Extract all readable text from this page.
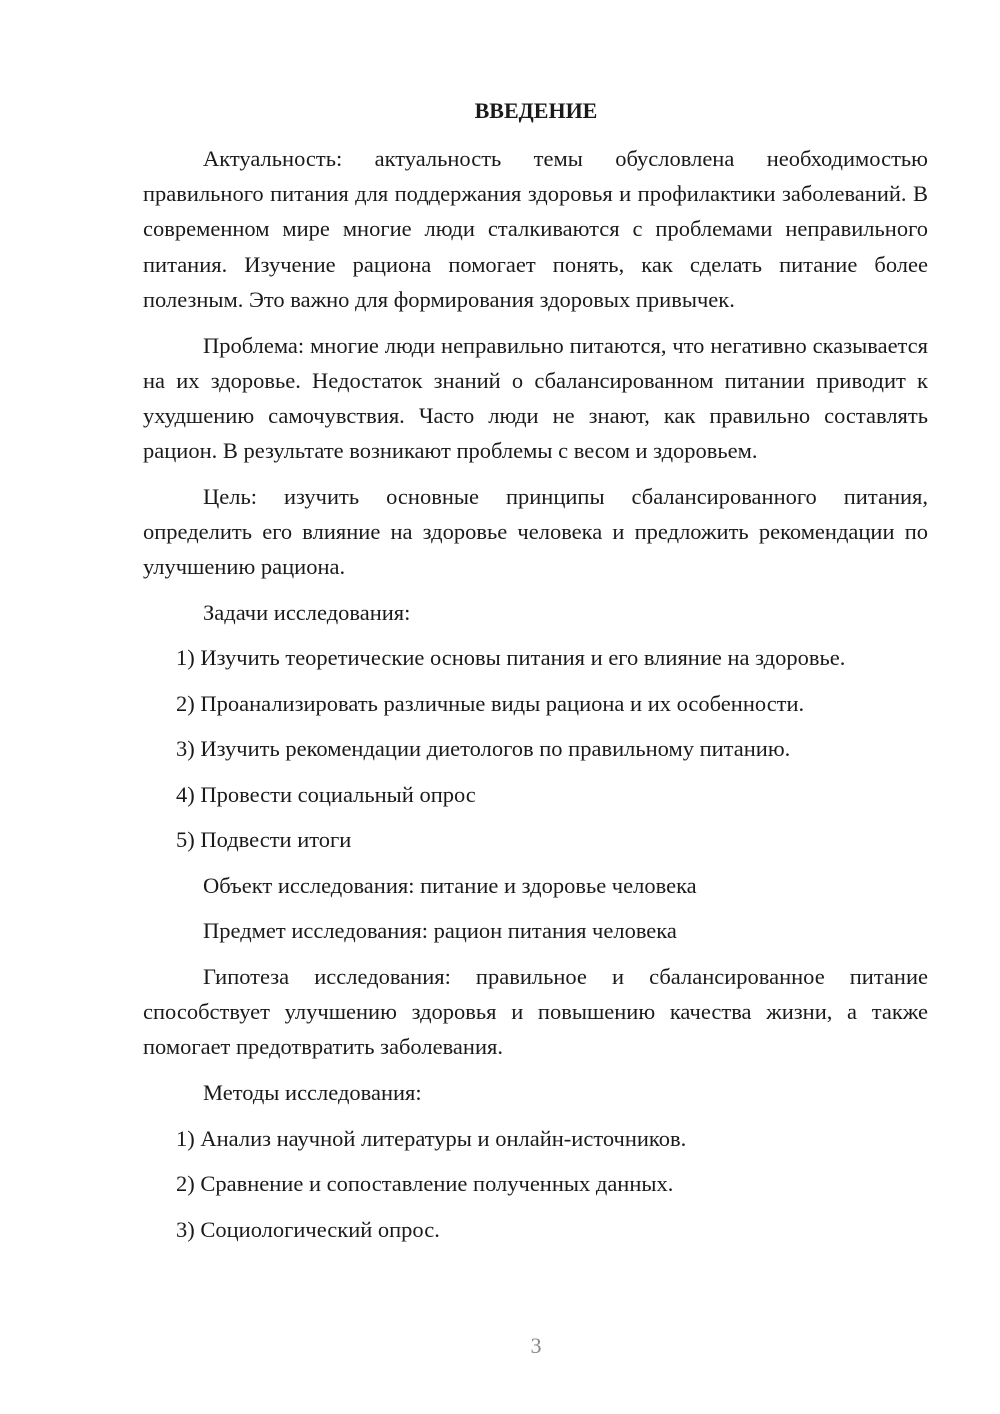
ВВЕДЕНИЕ

Актуальность: актуальность темы обусловлена необходимостью правильного питания для поддержания здоровья и профилактики заболеваний. В современном мире многие люди сталкиваются с проблемами неправильного питания. Изучение рациона помогает понять, как сделать питание более полезным. Это важно для формирования здоровых привычек.

Проблема: многие люди неправильно питаются, что негативно сказывается на их здоровье. Недостаток знаний о сбалансированном питании приводит к ухудшению самочувствия. Часто люди не знают, как правильно составлять рацион. В результате возникают проблемы с весом и здоровьем.

Цель: изучить основные принципы сбалансированного питания, определить его влияние на здоровье человека и предложить рекомендации по улучшению рациона.

Задачи исследования:

1) Изучить теоретические основы питания и его влияние на здоровье.

2) Проанализировать различные виды рациона и их особенности.

3) Изучить рекомендации диетологов по правильному питанию.

4) Провести социальный опрос

5) Подвести итоги

Объект исследования: питание и здоровье человека

Предмет исследования: рацион питания человека

Гипотеза исследования: правильное и сбалансированное питание способствует улучшению здоровья и повышению качества жизни, а также помогает предотвратить заболевания.

Методы исследования:

1) Анализ научной литературы и онлайн-источников.

2) Сравнение и сопоставление полученных данных.

3) Социологический опрос.

3
